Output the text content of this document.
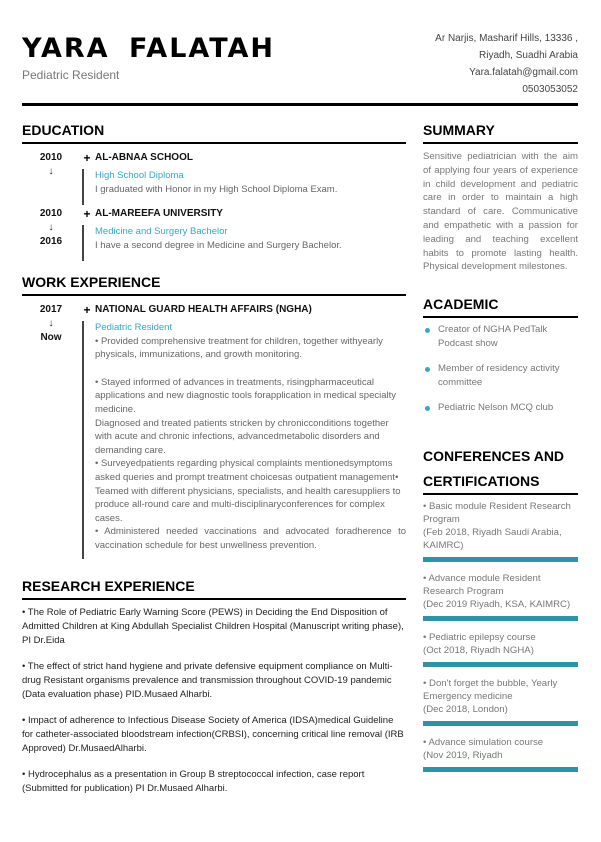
YARA FALATAH
Pediatric Resident
Ar Narjis, Masharif Hills, 13336 ,
Riyadh, Suadhi Arabia
Yara.falatah@gmail.com
0503053052
EDUCATION
2010
↓
+ AL-ABNAA SCHOOL
High School Diploma
I graduated with Honor in my High School Diploma Exam.
2010
↓
2016
+ AL-MAREEFA UNIVERSITY
Medicine and Surgery Bachelor
I have a second degree in Medicine and Surgery Bachelor.
WORK EXPERIENCE
2017
↓
Now
+ NATIONAL GUARD HEALTH AFFAIRS (NGHA)
Pediatric Resident
• Provided comprehensive treatment for children, together withyearly physicals, immunizations, and growth monitoring.
• Stayed informed of advances in treatments, risingpharmaceutical applications and new diagnostic tools forapplication in medical specialty medicine.
Diagnosed and treated patients stricken by chronicconditions together with acute and chronic infections, advancedmetabolic disorders and demanding care.
• Surveyedpatients regarding physical complaints mentionedsymptoms asked queries and prompt treatment choicesas outpatient management• Teamed with different physicians, specialists, and health caresuppliers to produce all-round care and multi-disciplinaryconferences for complex cases.
• Administered needed vaccinations and advocated foradherence to vaccination schedule for best unwellness prevention.
RESEARCH EXPERIENCE

• The Role of Pediatric Early Warning Score (PEWS) in Deciding the End Disposition of Admitted Children at King Abdullah Specialist Children Hospital (Manuscript writing phase), PI Dr.Eida

• The effect of strict hand hygiene and private defensive equipment compliance on Multi-drug Resistant organisms prevalence and transmission throughout COVID-19 pandemic (Data evaluation phase) PID.Musaed Alharbi.

• Impact of adherence to Infectious Disease Society of America (IDSA)medical Guideline for catheter-associated bloodstream infection(CRBSI), concerning critical line removal (IRB Approved) Dr.MusaedAlharbi.

• Hydrocephalus as a presentation in Group B streptococcal infection, case report (Submitted for publication) PI Dr.Musaed Alharbi.

SUMMARY
Sensitive pediatrician with the aim of applying four years of experience in child development and pediatric care in order to maintain a high standard of care. Communicative and empathetic with a passion for leading and teaching excellent habits to promote lasting health. Physical development milestones.
ACADEMIC
Creator of NGHA PedTalk Podcast show
Member of residency activity committee
Pediatric Nelson MCQ club
CONFERENCES AND
CERTIFICATIONS
• Basic module Resident Research Program
(Feb 2018, Riyadh Saudi Arabia, KAIMRC)
• Advance module Resident Research Program
(Dec 2019 Riyadh, KSA, KAIMRC)
• Pediatric epilepsy course
(Oct 2018, Riyadh NGHA)
• Don't forget the bubble, Yearly Emergency medicine
(Dec 2018, London)
• Advance simulation course
(Nov 2019, Riyadh
